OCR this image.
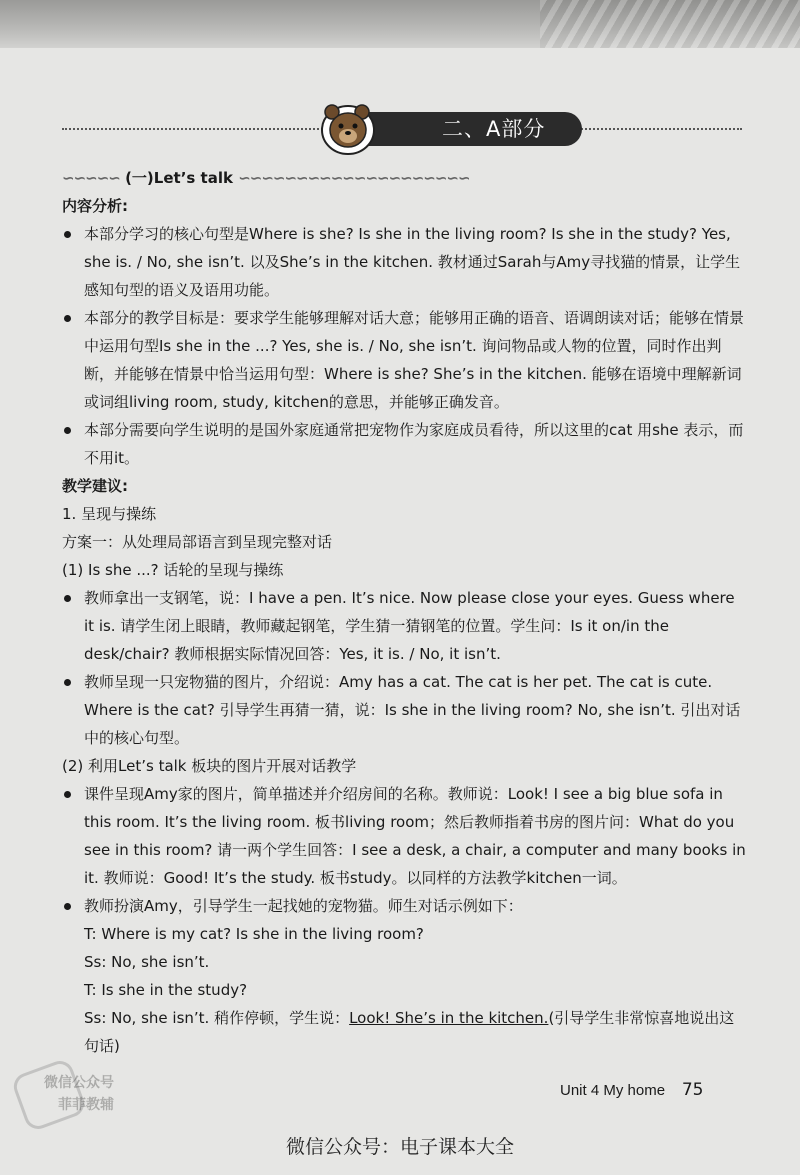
二、A部分

∽∽∽∽∽ (一)Let’s talk ∽∽∽∽∽∽∽∽∽∽∽∽∽∽∽∽∽∽∽∽

内容分析:

本部分学习的核心句型是Where is she? Is she in the living room? Is she in the study? Yes, she is. / No, she isn’t. 以及She’s in the kitchen. 教材通过Sarah与Amy寻找猫的情景，让学生感知句型的语义及语用功能。

本部分的教学目标是：要求学生能够理解对话大意；能够用正确的语音、语调朗读对话；能够在情景中运用句型Is she in the ...? Yes, she is. / No, she isn’t. 询问物品或人物的位置，同时作出判断，并能够在情景中恰当运用句型：Where is she? She’s in the kitchen. 能够在语境中理解新词或词组living room, study, kitchen的意思，并能够正确发音。

本部分需要向学生说明的是国外家庭通常把宠物作为家庭成员看待，所以这里的cat 用she 表示，而不用it。

教学建议:

1. 呈现与操练

方案一：从处理局部语言到呈现完整对话

(1) Is she ...? 话轮的呈现与操练

教师拿出一支钢笔，说：I have a pen. It’s nice. Now please close your eyes. Guess where it is. 请学生闭上眼睛，教师藏起钢笔，学生猜一猜钢笔的位置。学生问：Is it on/in the desk/chair? 教师根据实际情况回答：Yes, it is. / No, it isn’t.

教师呈现一只宠物猫的图片，介绍说：Amy has a cat. The cat is her pet. The cat is cute. Where is the cat? 引导学生再猜一猜，说：Is she in the living room? No, she isn’t. 引出对话中的核心句型。

(2) 利用Let’s talk 板块的图片开展对话教学

课件呈现Amy家的图片，简单描述并介绍房间的名称。教师说：Look! I see a big blue sofa in this room. It’s the living room. 板书living room；然后教师指着书房的图片问：What do you see in this room? 请一两个学生回答：I see a desk, a chair, a computer and many books in it. 教师说：Good! It’s the study. 板书study。以同样的方法教学kitchen一词。

教师扮演Amy，引导学生一起找她的宠物猫。师生对话示例如下：

T: Where is my cat? Is she in the living room?

Ss: No, she isn’t.

T: Is she in the study?

Ss: No, she isn’t. 稍作停顿，学生说：Look! She’s in the kitchen.(引导学生非常惊喜地说出这句话)

微信公众号
菲菲教辅
Unit 4 My home 75
微信公众号：电子课本大全
